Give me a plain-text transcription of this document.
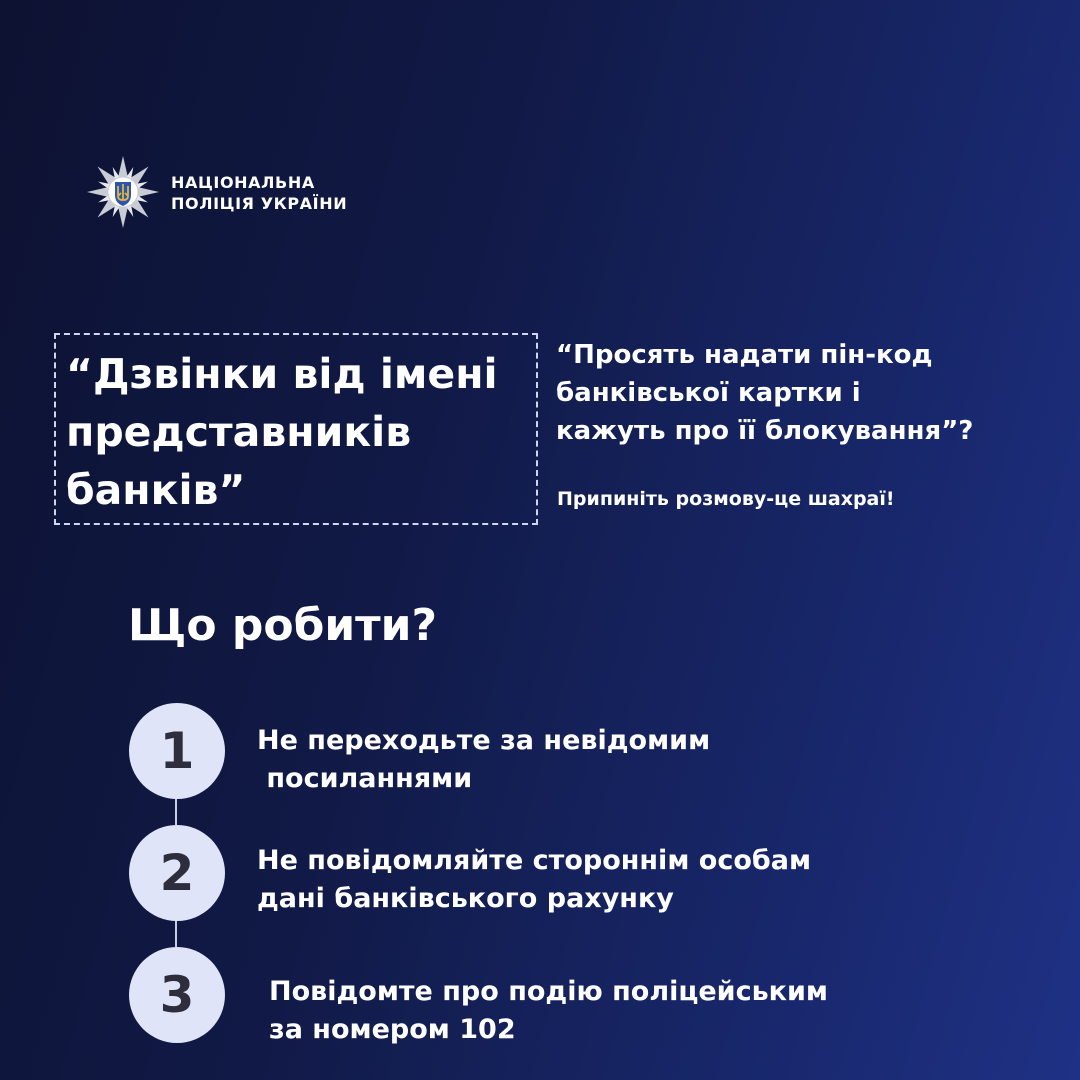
НАЦІОНАЛЬНА
ПОЛІЦІЯ УКРАЇНИ

“Дзвінки від імені
представників
банків”

“Просять надати пін-код
банківської картки і
кажуть про її блокування”?

Припиніть розмову-це шахраї!
Що робити?
1	Не переходьте за невідомим
посиланнями

2	Не повідомляйте стороннім особам
дані банківського рахунку

3	Повідомте про подію поліцейським
за номером 102
